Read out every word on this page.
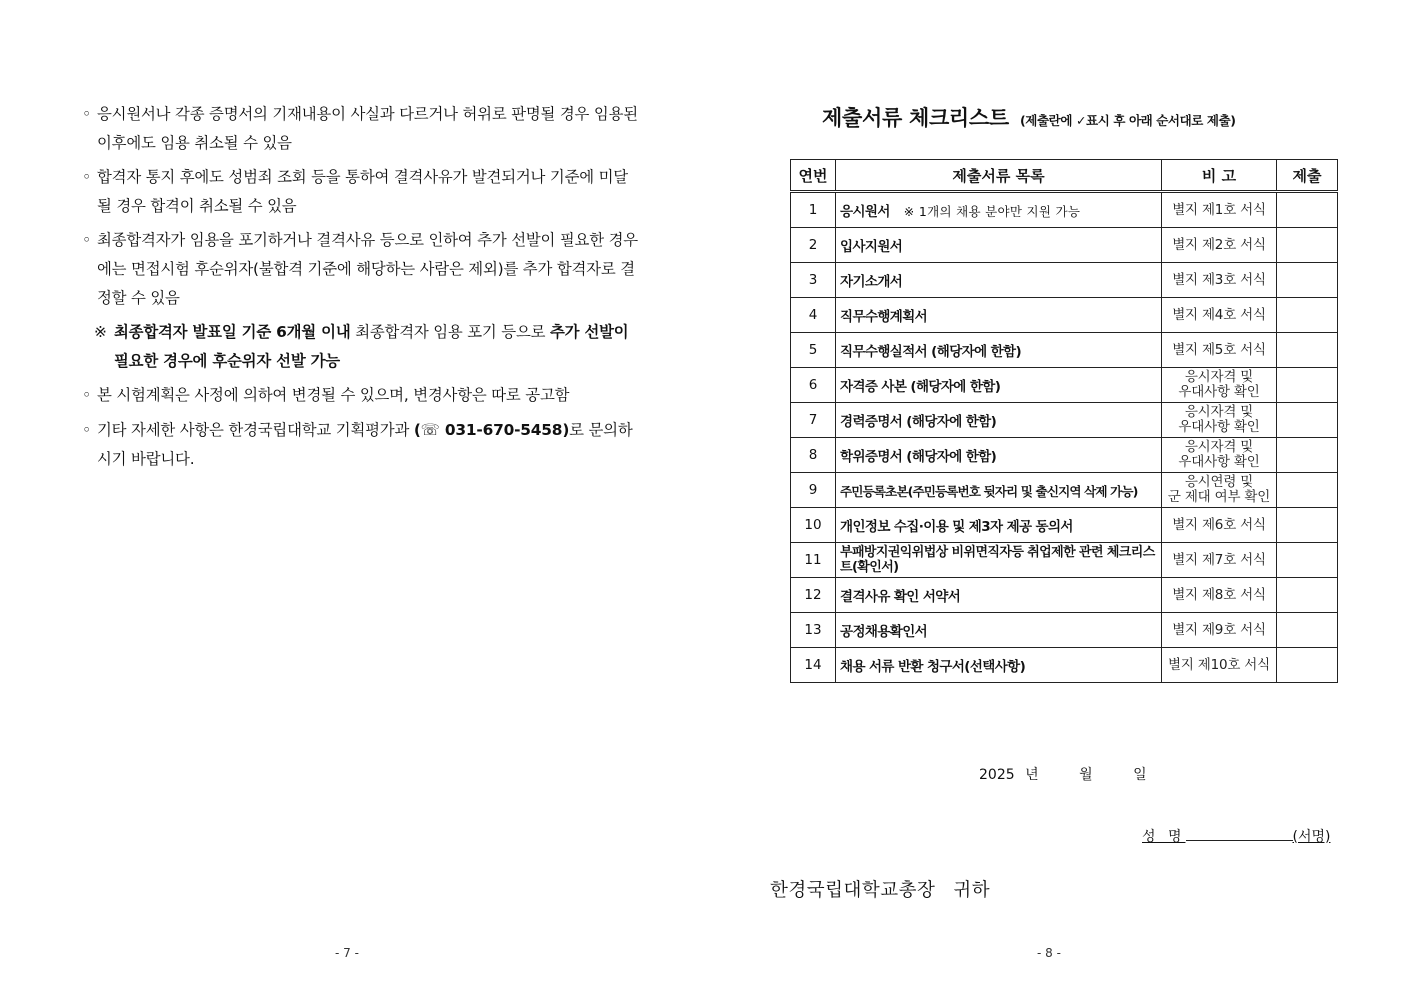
◦ 응시원서나 각종 증명서의 기재내용이 사실과 다르거나 허위로 판명될 경우 임용된 이후에도 임용 취소될 수 있음
◦ 합격자 통지 후에도 성범죄 조회 등을 통하여 결격사유가 발견되거나 기준에 미달될 경우 합격이 취소될 수 있음
◦ 최종합격자가 임용을 포기하거나 결격사유 등으로 인하여 추가 선발이 필요한 경우에는 면접시험 후순위자(불합격 기준에 해당하는 사람은 제외)를 추가 합격자로 결정할 수 있음
※ 최종합격자 발표일 기준 6개월 이내 최종합격자 임용 포기 등으로 추가 선발이 필요한 경우에 후순위자 선발 가능
◦ 본 시험계획은 사정에 의하여 변경될 수 있으며, 변경사항은 따로 공고함
◦ 기타 자세한 사항은 한경국립대학교 기획평가과 (☏ 031-670-5458)로 문의하시기 바랍니다.
- 7 -
제출서류 체크리스트 (제출란에 ✓표시 후 아래 순서대로 제출)
연번	제출서류 목록	비 고	제출
1	응시원서 ※ 1개의 채용 분야만 지원 가능	별지 제1호 서식	
2	입사지원서	별지 제2호 서식	
3	자기소개서	별지 제3호 서식	
4	직무수행계획서	별지 제4호 서식	
5	직무수행실적서 (해당자에 한함)	별지 제5호 서식	
6	자격증 사본 (해당자에 한함)	응시자격 및
우대사항 확인	
7	경력증명서 (해당자에 한함)	응시자격 및
우대사항 확인	
8	학위증명서 (해당자에 한함)	응시자격 및
우대사항 확인	
9	주민등록초본(주민등록번호 뒷자리 및 출신지역 삭제 가능)	응시연령 및
군 제대 여부 확인	
10	개인정보 수집·이용 및 제3자 제공 동의서	별지 제6호 서식	
11	부패방지권익위법상 비위면직자등 취업제한 관련 체크리스트(확인서)	별지 제7호 서식	
12	결격사유 확인 서약서	별지 제8호 서식	
13	공정채용확인서	별지 제9호 서식	
14	채용 서류 반환 청구서(선택사항)	별지 제10호 서식	
2025 년	월	일
성 명	(서명)
한경국립대학교총장 귀하
- 8 -
